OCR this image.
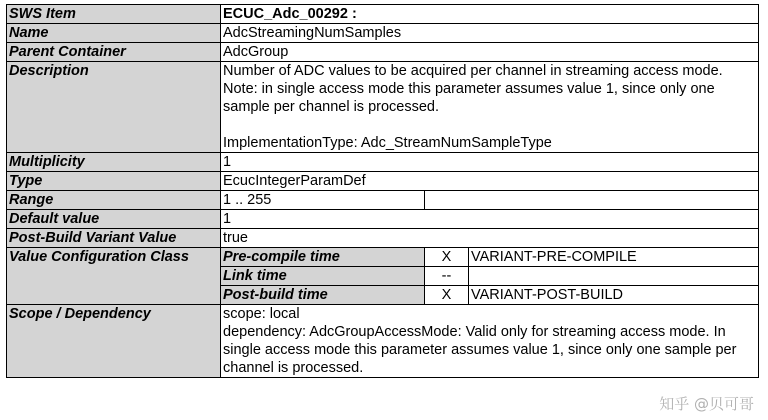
SWS Item	ECUC_Adc_00292 :		
Name	AdcStreamingNumSamples		
Parent Container	AdcGroup		
Description	Number of ADC values to be acquired per channel in streaming access mode.
Note: in single access mode this parameter assumes value 1, since only one sample per channel is processed.
ImplementationType: Adc_StreamNumSampleType		

Multiplicity	1		
Type	EcucIntegerParamDef		
Range	1 .. 255		
Default value	1		
Post-Build Variant Value	true		
Value Configuration Class	Pre-compile time	X	VARIANT-PRE-COMPILE
	Link time	--	
	Post-build time	X	VARIANT-POST-BUILD
Scope / Dependency	scope: local
dependency: AdcGroupAccessMode: Valid only for streaming access mode. In single access mode this parameter assumes value 1, since only one sample per channel is processed.		
知乎 @贝可哥
